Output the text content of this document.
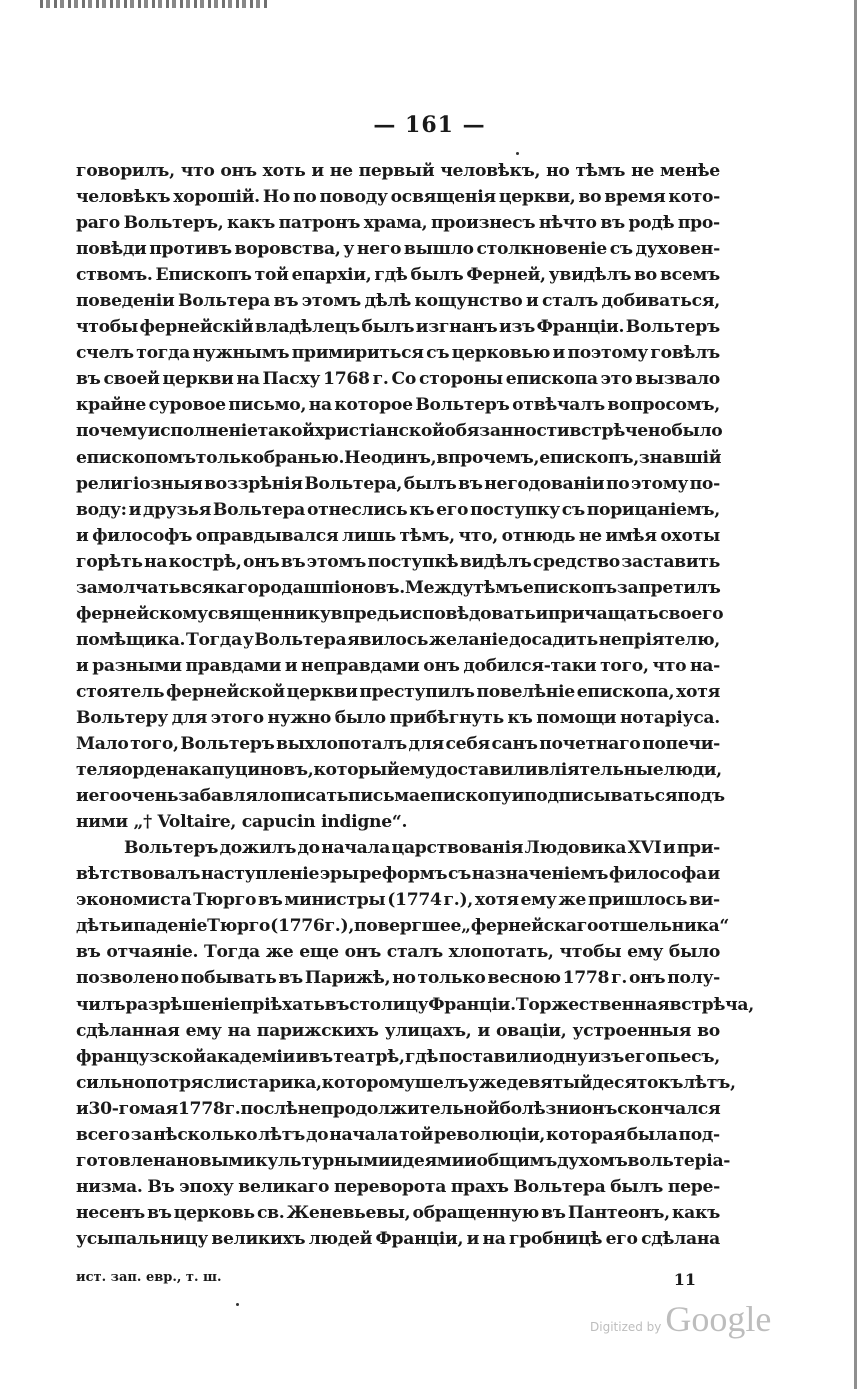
— 161 —
говорилъ, что онъ хоть и не первый человѣкъ, но тѣмъ не менѣе
человѣкъ хорошій. Но по поводу освященія церкви, во время кото-
раго Вольтеръ, какъ патронъ храма, произнесъ нѣчто въ родѣ про-
повѣди противъ воровства, у него вышло столкновеніе съ духовен-
ствомъ. Епископъ той епархіи, гдѣ былъ Ферней, увидѣлъ во всемъ
поведеніи Вольтера въ этомъ дѣлѣ кощунство и сталъ добиваться,
чтобы фернейскій владѣлецъ былъ изгнанъ изъ Франціи. Вольтеръ
счелъ тогда нужнымъ примириться съ церковью и поэтому говѣлъ
въ своей церкви на Пасху 1768 г. Со стороны епископа это вызвало
крайне суровое письмо, на которое Вольтеръ отвѣчалъ вопросомъ,
почему исполненіе такой христіанской обязанности встрѣчено было
епископомъ только бранью. Не одинъ, впрочемъ, епископъ, знавшій
религіозныя воззрѣнія Вольтера, былъ въ негодованіи по этому по-
воду: и друзья Вольтера отнеслись къ его поступку съ порицаніемъ,
и философъ оправдывался лишь тѣмъ, что, отнюдь не имѣя охоты
горѣть на кострѣ, онъ въ этомъ поступкѣ видѣлъ средство заставить
замолчать всякаго рода шпіоновъ. Между тѣмъ епископъ запретилъ
фернейскому священнику впредь исповѣдовать и причащать своего
помѣщика. Тогда у Вольтера явилось желаніе досадить непріятелю,
и разными правдами и неправдами онъ добился-таки того, что на-
стоятель фернейской церкви преступилъ повелѣніе епископа, хотя
Вольтеру для этого нужно было прибѣгнуть къ помощи нотаріуса.
Мало того, Вольтеръ выхлопоталъ для себя санъ почетнаго попечи-
теля ордена капуциновъ, который ему доставили вліятельные люди,
и его очень забавляло писать письма епископу и подписываться подъ
ними „† Voltaire, capucin indigne“.
Вольтеръ дожилъ до начала царствованія Людовика XVI и при-
вѣтствовалъ наступленіе эры реформъ съ назначеніемъ философа и
экономиста Тюрго въ министры (1774 г.), хотя ему же пришлось ви-
дѣть и паденіе Тюрго (1776 г.), повергшее „фернейскаго отшельника“
въ отчаяніе. Тогда же еще онъ сталъ хлопотать, чтобы ему было
позволено побывать въ Парижѣ, но только весною 1778 г. онъ полу-
чилъ разрѣшеніе пріѣхать въ столицу Франціи. Торжественная встрѣча,
сдѣланная ему на парижскихъ улицахъ, и оваціи, устроенныя во
французской академіи и въ театрѣ, гдѣ поставили одну изъ его пьесъ,
сильно потрясли старика, которому шелъ уже девятый десятокъ лѣтъ,
и 30-го мая 1778 г. послѣ непродолжительной болѣзни онъ скончался
всего за нѣсколько лѣтъ до начала той революціи, которая была под-
готовлена новыми культурными идеями и общимъ духомъ вольтеріа-
низма. Въ эпоху великаго переворота прахъ Вольтера былъ пере-
несенъ въ церковь св. Женевьевы, обращенную въ Пантеонъ, какъ
усыпальницу великихъ людей Франціи, и на гробницѣ его сдѣлана
ист. зап. евр., т. ш.	11
Digitized by Google
